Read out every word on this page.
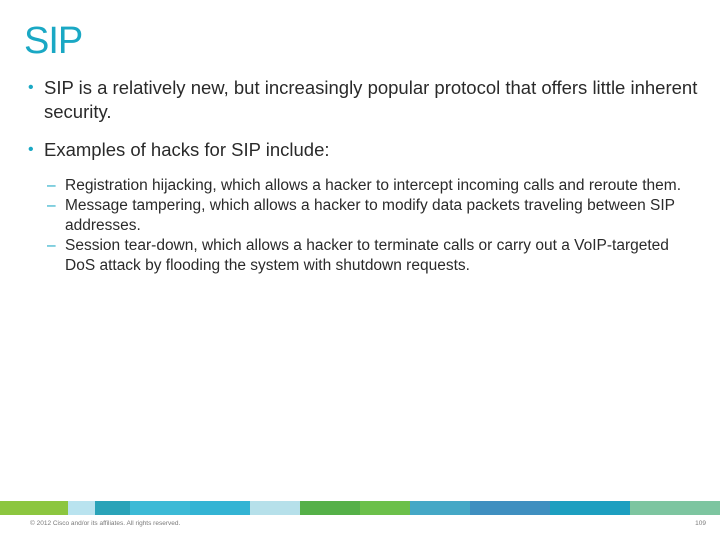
SIP
• SIP is a relatively new, but increasingly popular protocol that offers little inherent security.
• Examples of hacks for SIP include:
– Registration hijacking, which allows a hacker to intercept incoming calls and reroute them.
– Message tampering, which allows a hacker to modify data packets traveling between SIP addresses.
– Session tear-down, which allows a hacker to terminate calls or carry out a VoIP-targeted DoS attack by flooding the system with shutdown requests.
© 2012 Cisco and/or its affiliates. All rights reserved.	109
